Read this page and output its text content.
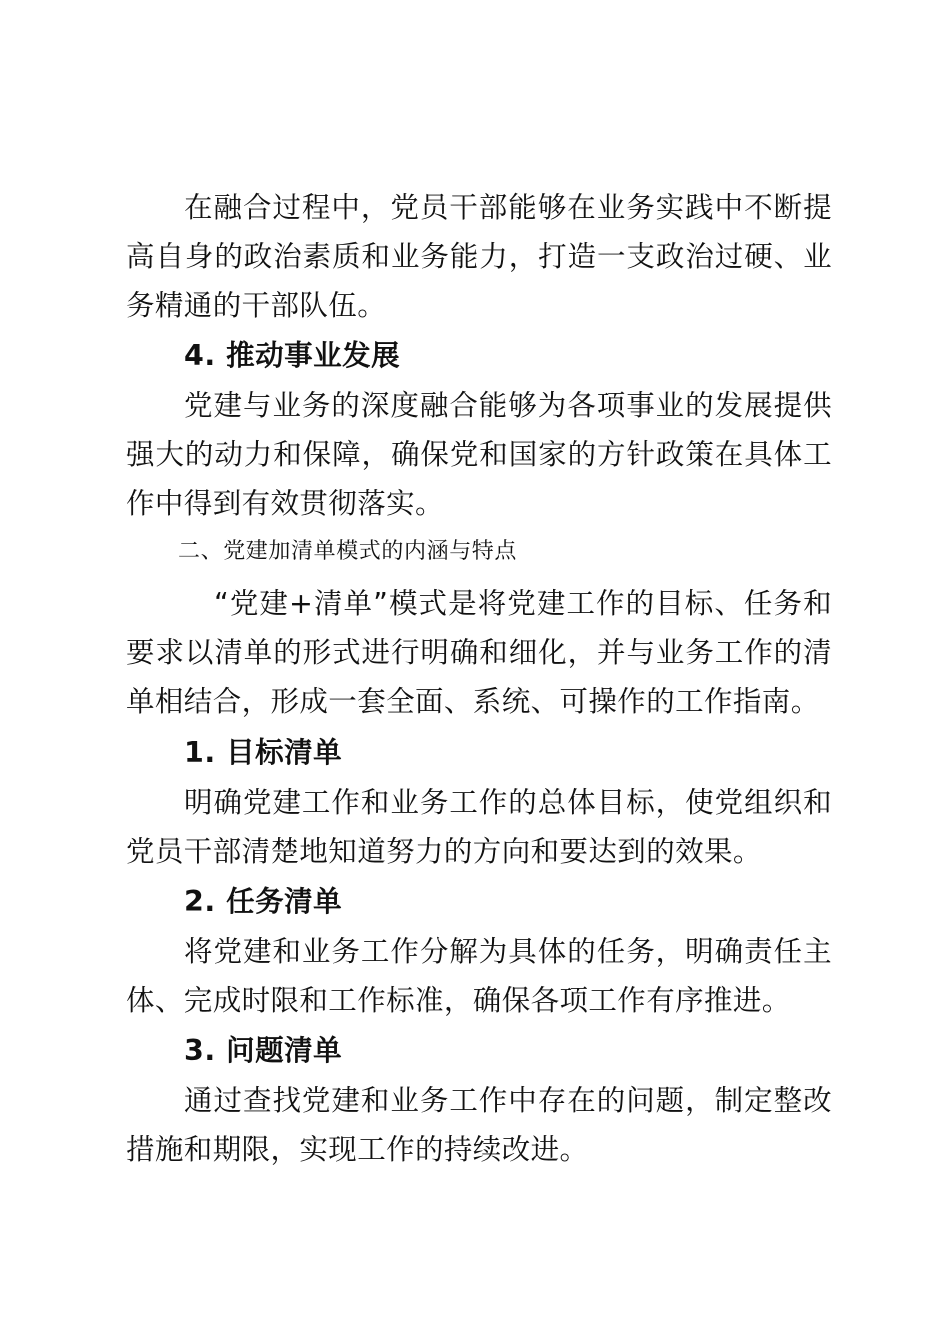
在融合过程中，党员干部能够在业务实践中不断提高自身的政治素质和业务能力，打造一支政治过硬、业务精通的干部队伍。

4. 推动事业发展

党建与业务的深度融合能够为各项事业的发展提供强大的动力和保障，确保党和国家的方针政策在具体工作中得到有效贯彻落实。

二、党建加清单模式的内涵与特点

“党建+清单”模式是将党建工作的目标、任务和要求以清单的形式进行明确和细化，并与业务工作的清单相结合，形成一套全面、系统、可操作的工作指南。

1. 目标清单

明确党建工作和业务工作的总体目标，使党组织和党员干部清楚地知道努力的方向和要达到的效果。

2. 任务清单

将党建和业务工作分解为具体的任务，明确责任主体、完成时限和工作标准，确保各项工作有序推进。

3. 问题清单

通过查找党建和业务工作中存在的问题，制定整改措施和期限，实现工作的持续改进。
